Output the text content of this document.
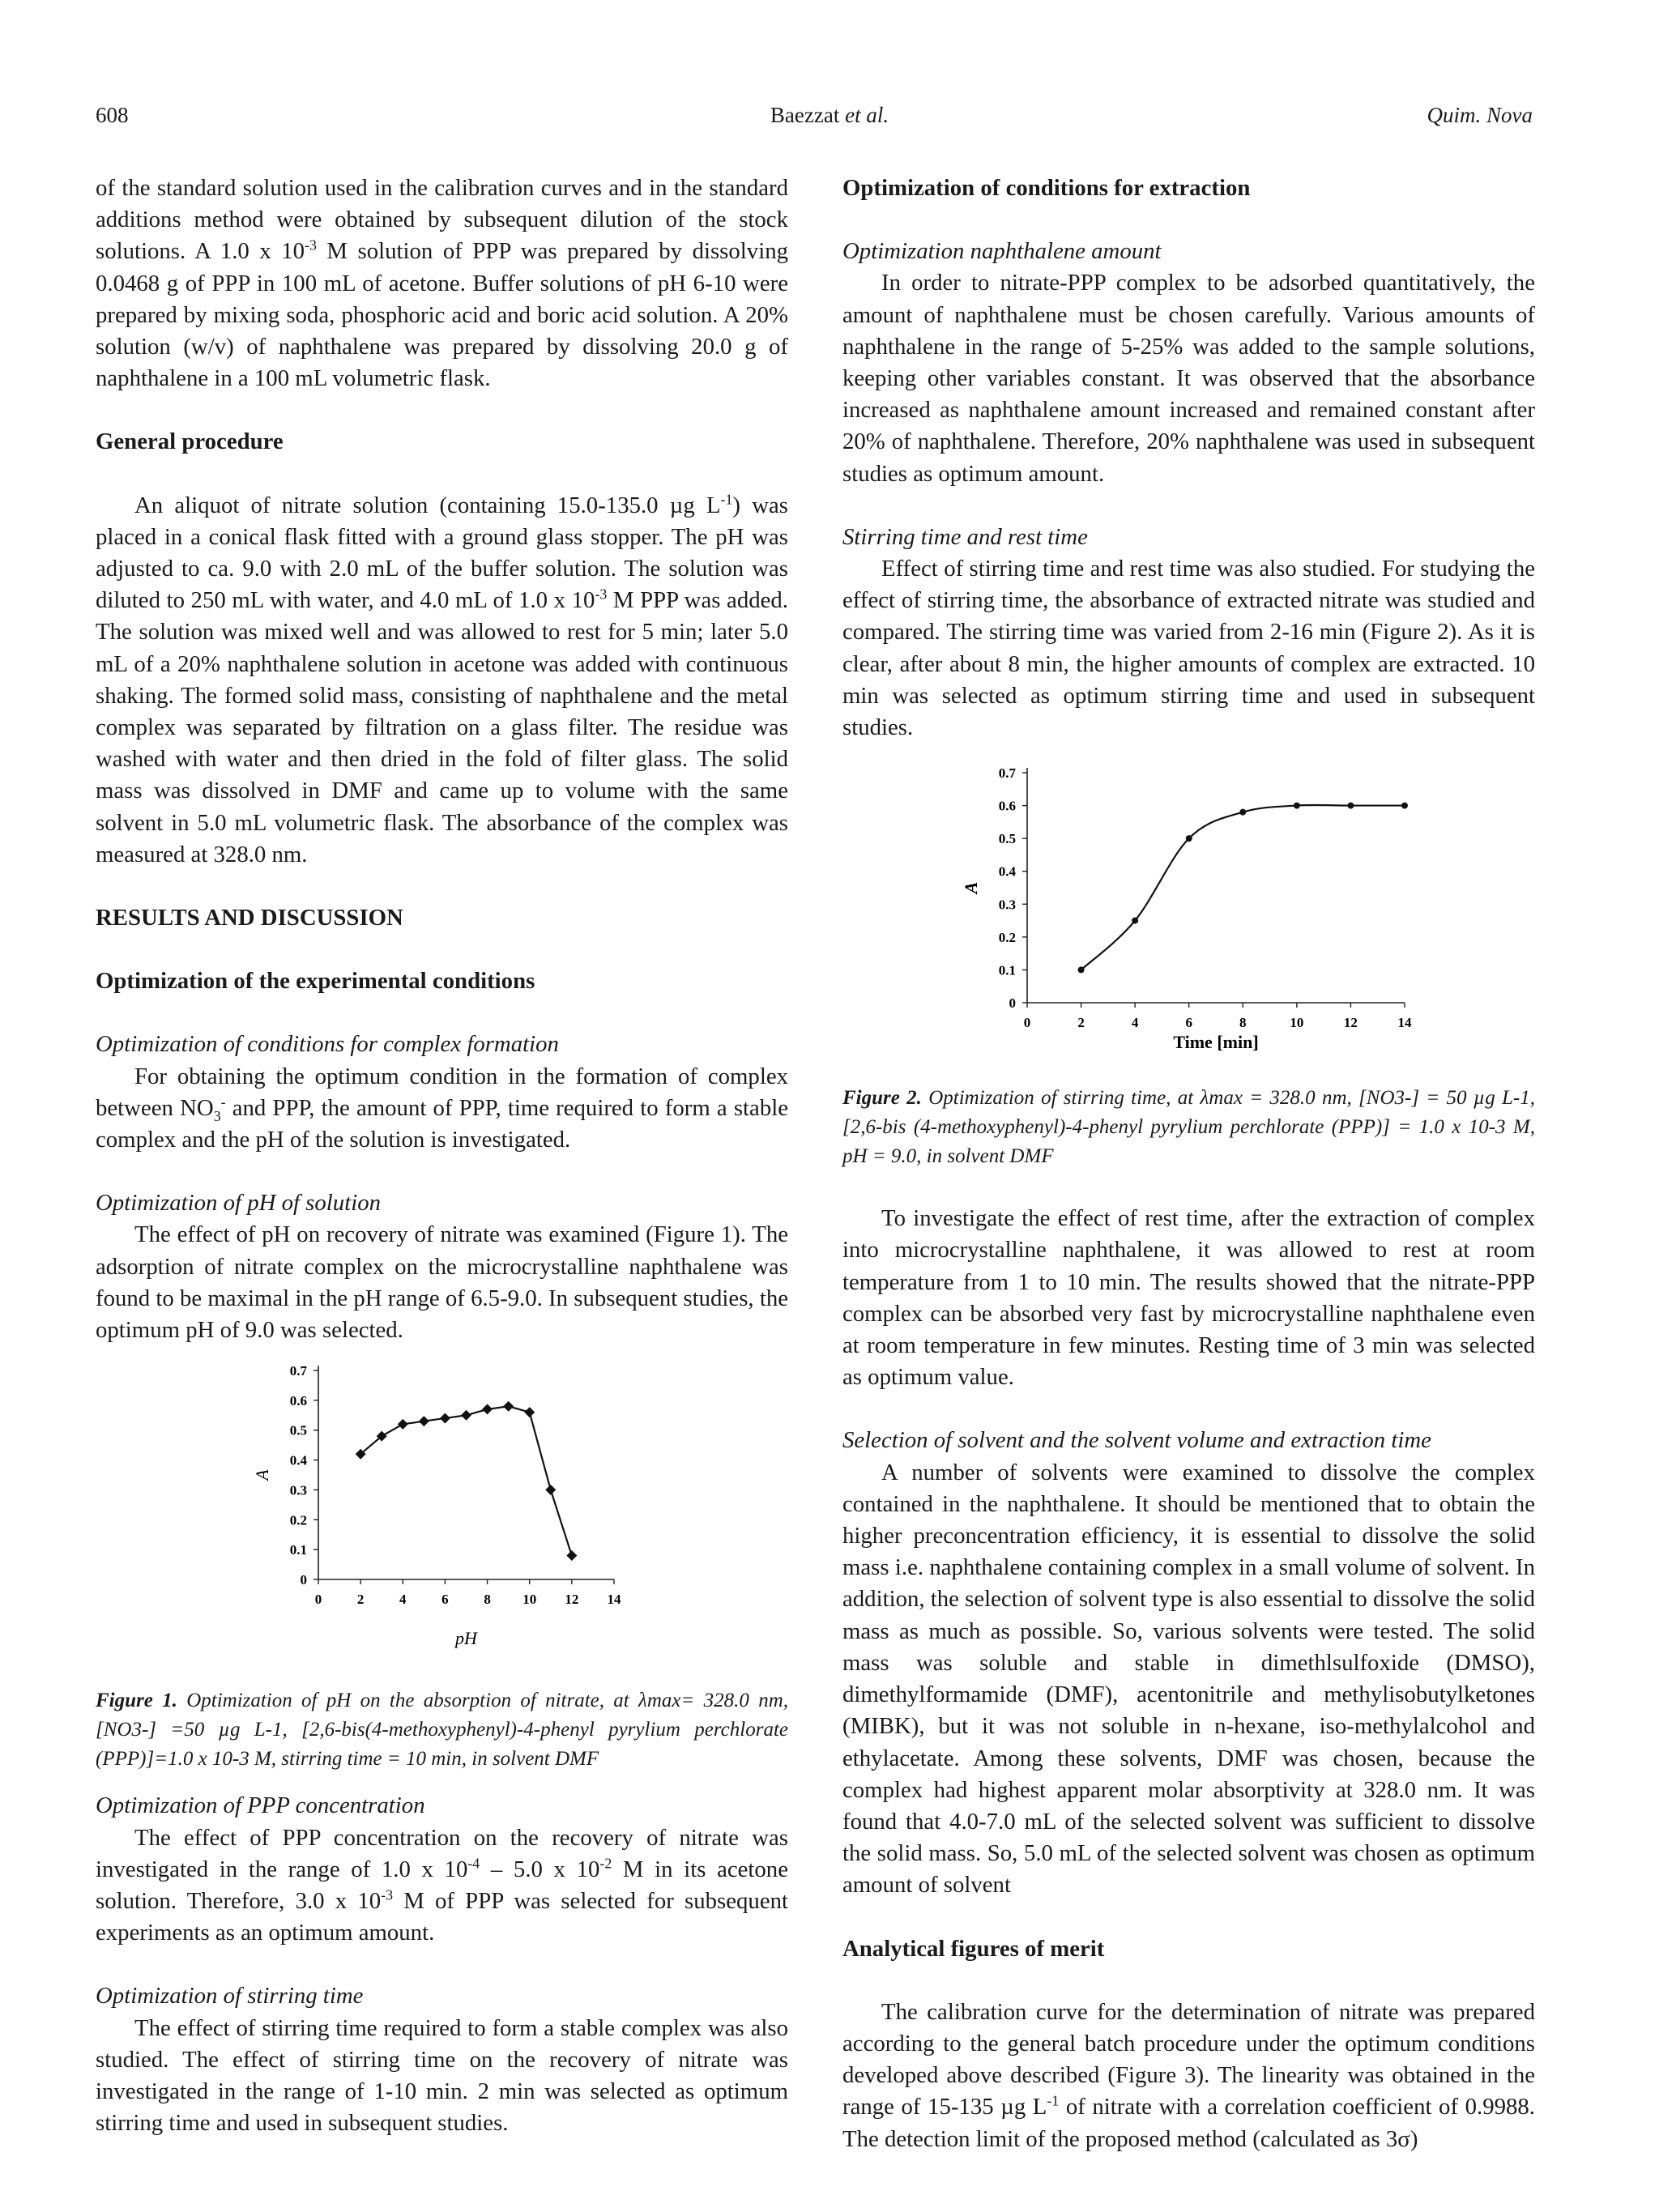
608	Baezzat et al.	Quim. Nova

of the standard solution used in the calibration curves and in the standard additions method were obtained by subsequent dilution of the stock solutions. A 1.0 x $10^{-3}$ M solution of PPP was prepared by dissolving 0.0468 g of PPP in 100 mL of acetone. Buffer solutions of pH 6-10 were prepared by mixing soda, phosphoric acid and boric acid solution. A 20% solution (w/v) of naphthalene was prepared by dissolving 20.0 g of naphthalene in a 100 mL volumetric flask.

General procedure

An aliquot of nitrate solution (containing 15.0-135.0 µg $L^{-1}$) was placed in a conical flask fitted with a ground glass stopper. The pH was adjusted to ca. 9.0 with 2.0 mL of the buffer solution. The solution was diluted to 250 mL with water, and 4.0 mL of 1.0 x $10^{-3}$ M PPP was added. The solution was mixed well and was allowed to rest for 5 min; later 5.0 mL of a 20% naphthalene solution in acetone was added with continuous shaking. The formed solid mass, consisting of naphthalene and the metal complex was separated by filtration on a glass filter. The residue was washed with water and then dried in the fold of filter glass. The solid mass was dissolved in DMF and came up to volume with the same solvent in 5.0 mL volumetric flask. The absorbance of the complex was measured at 328.0 nm.

RESULTS AND DISCUSSION
Optimization of the experimental conditions
Optimization of conditions for complex formation

For obtaining the optimum condition in the formation of complex between $NO_3^-$ and PPP, the amount of PPP, time required to form a stable complex and the pH of the solution is investigated.

Optimization of pH of solution

The effect of pH on recovery of nitrate was examined (Figure 1). The adsorption of nitrate complex on the microcrystalline naphthalene was found to be maximal in the pH range of 6.5-9.0. In subsequent studies, the optimum pH of 9.0 was selected.

0
0.1
0.2
0.3
0.4
0.5
0.6
0.7
0	2	4	6	8 10 12 14
A
pH

Figure 1. Optimization of pH on the absorption of nitrate, at λmax= 328.0 nm, [NO3-] =50 µg L-1, [2,6-bis(4-methoxyphenyl)-4-phenyl pyrylium perchlorate (PPP)]=1.0 x 10-3 M, stirring time = 10 min, in solvent DMF

Optimization of PPP concentration

The effect of PPP concentration on the recovery of nitrate was investigated in the range of 1.0 x $10^{-4} - 5.0$ x $10^{-2}$ M in its acetone solution. Therefore, 3.0 x $10^{-3}$ M of PPP was selected for subsequent experiments as an optimum amount.

Optimization of stirring time

The effect of stirring time required to form a stable complex was also studied. The effect of stirring time on the recovery of nitrate was investigated in the range of 1-10 min. 2 min was selected as optimum stirring time and used in subsequent studies.

Optimization of conditions for extraction
Optimization naphthalene amount

In order to nitrate-PPP complex to be adsorbed quantitatively, the amount of naphthalene must be chosen carefully. Various amounts of naphthalene in the range of 5-25% was added to the sample solutions, keeping other variables constant. It was observed that the absorbance increased as naphthalene amount increased and remained constant after 20% of naphthalene. Therefore, 20% naphthalene was used in subsequent studies as optimum amount.

Stirring time and rest time

Effect of stirring time and rest time was also studied. For studying the effect of stirring time, the absorbance of extracted nitrate was studied and compared. The stirring time was varied from 2-16 min (Figure 2). As it is clear, after about 8 min, the higher amounts of complex are extracted. 10 min was selected as optimum stirring time and used in subsequent studies.

0
0.1
0.2
0.3
0.4
0.5
0.6
0.7
0	2	4	6	8	10	12	14
A
Time [min]

Figure 2. Optimization of stirring time, at λmax = 328.0 nm, [NO3-] = 50 µg L-1, [2,6-bis (4-methoxyphenyl)-4-phenyl pyrylium perchlorate (PPP)] = 1.0 x 10-3 M, pH = 9.0, in solvent DMF

To investigate the effect of rest time, after the extraction of complex into microcrystalline naphthalene, it was allowed to rest at room temperature from 1 to 10 min. The results showed that the nitrate-PPP complex can be absorbed very fast by microcrystalline naphthalene even at room temperature in few minutes. Resting time of 3 min was selected as optimum value.

Selection of solvent and the solvent volume and extraction time

A number of solvents were examined to dissolve the complex contained in the naphthalene. It should be mentioned that to obtain the higher preconcentration efficiency, it is essential to dissolve the solid mass i.e. naphthalene containing complex in a small volume of solvent. In addition, the selection of solvent type is also essential to dissolve the solid mass as much as possible. So, various solvents were tested. The solid mass was soluble and stable in dimethlsulfoxide (DMSO), dimethylformamide (DMF), acentonitrile and methylisobutylketones (MIBK), but it was not soluble in n-hexane, iso-methylalcohol and ethylacetate. Among these solvents, DMF was chosen, because the complex had highest apparent molar absorptivity at 328.0 nm. It was found that 4.0-7.0 mL of the selected solvent was sufficient to dissolve the solid mass. So, 5.0 mL of the selected solvent was chosen as optimum amount of solvent

Analytical figures of merit

The calibration curve for the determination of nitrate was prepared according to the general batch procedure under the optimum conditions developed above described (Figure 3). The linearity was obtained in the range of 15-135 µg $L^{-1}$ of nitrate with a correlation coefficient of 0.9988. The detection limit of the proposed method (calculated as 3σ)
